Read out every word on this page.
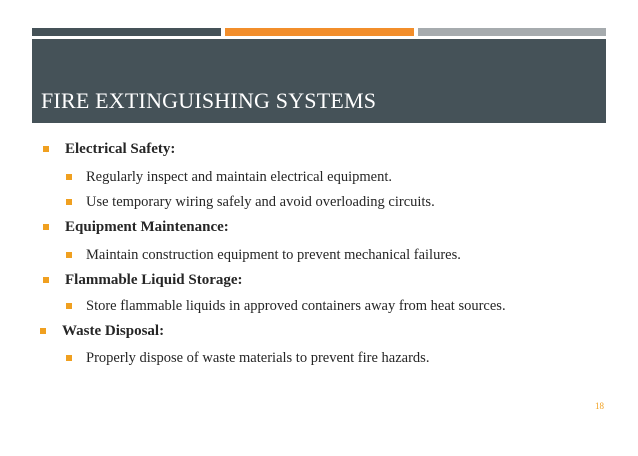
FIRE EXTINGUISHING SYSTEMS
Electrical Safety:
Regularly inspect and maintain electrical equipment.
Use temporary wiring safely and avoid overloading circuits.
Equipment Maintenance:
Maintain construction equipment to prevent mechanical failures.
Flammable Liquid Storage:
Store flammable liquids in approved containers away from heat sources.
Waste Disposal:
Properly dispose of waste materials to prevent fire hazards.
18
